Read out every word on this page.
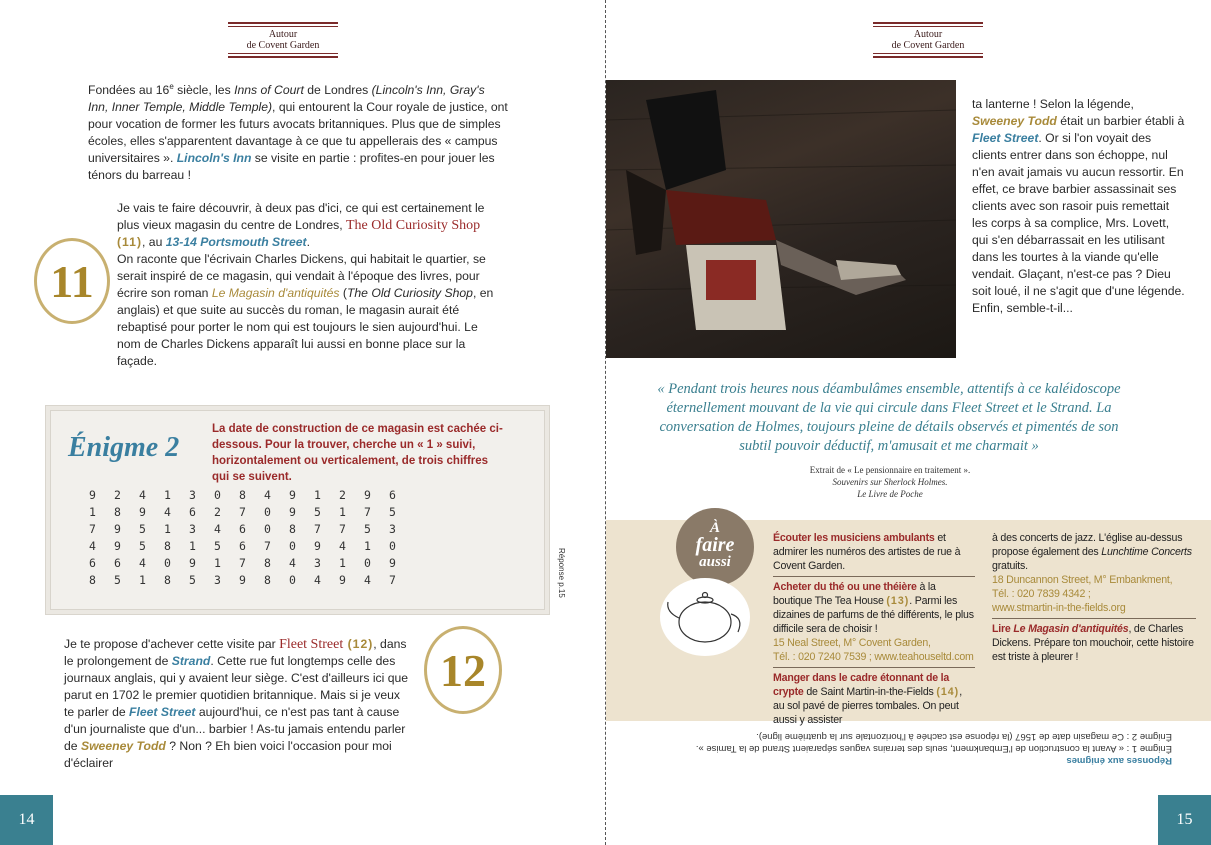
Autour
de Covent Garden
Autour
de Covent Garden

Fondées au 16e siècle, les Inns of Court de Londres (Lincoln's Inn, Gray's Inn, Inner Temple, Middle Temple), qui entourent la Cour royale de justice, ont pour vocation de former les futurs avocats britanniques. Plus que de simples écoles, elles s'apparentent davantage à ce que tu appellerais des « campus universitaires ». Lincoln's Inn se visite en partie : profites-en pour jouer les ténors du barreau !

11

Je vais te faire découvrir, à deux pas d'ici, ce qui est certainement le plus vieux magasin du centre de Londres, The Old Curiosity Shop (11), au 13-14 Portsmouth Street.

On raconte que l'écrivain Charles Dickens, qui habitait le quartier, se serait inspiré de ce magasin, qui vendait à l'époque des livres, pour écrire son roman Le Magasin d'antiquités (The Old Curiosity Shop, en anglais) et que suite au succès du roman, le magasin aurait été rebaptisé pour porter le nom qui est toujours le sien aujourd'hui. Le nom de Charles Dickens apparaît lui aussi en bonne place sur la façade.

Énigme 2
La date de construction de ce magasin est cachée ci-dessous. Pour la trouver, cherche un « 1 » suivi, horizontalement ou verticalement, de trois chiffres qui se suivent.
9	2	4	1	3	0	8	4	9	1	2	9	6
1	8	9	4	6	2	7	0	9	5	1	7	5
7	9	5	1	3	4	6	0	8	7	7	5	3
4	9	5	8	1	5	6	7	0	9	4	1	0
6	6	4	0	9	1	7	8	4	3	1	0	9
8	5	1	8	5	3	9	8	0	4	9	4	7	Réponse p.15

Je te propose d'achever cette visite par Fleet Street (12), dans le prolongement de Strand. Cette rue fut longtemps celle des journaux anglais, qui y avaient leur siège. C'est d'ailleurs ici que parut en 1702 le premier quotidien britannique. Mais si je veux te parler de Fleet Street aujourd'hui, ce n'est pas tant à cause d'un journaliste que d'un... barbier ! As-tu jamais entendu parler de Sweeney Todd ? Non ? Eh bien voici l'occasion pour moi d'éclairer

12
14

ta lanterne ! Selon la légende, Sweeney Todd était un barbier établi à Fleet Street. Or si l'on voyait des clients entrer dans son échoppe, nul n'en avait jamais vu aucun ressortir. En effet, ce brave barbier assassinait ses clients avec son rasoir puis remettait les corps à sa complice, Mrs. Lovett, qui s'en débarrassait en les utilisant dans les tourtes à la viande qu'elle vendait. Glaçant, n'est-ce pas ? Dieu soit loué, il ne s'agit que d'une légende. Enfin, semble-t-il...

« Pendant trois heures nous déambulâmes ensemble, attentifs à ce kaléidoscope éternellement mouvant de la vie qui circule dans Fleet Street et le Strand. La conversation de Holmes, toujours pleine de détails observés et pimentés de son subtil pouvoir déductif, m'amusait et me charmait »
Extrait de « Le pensionnaire en traitement ».
Souvenirs sur Sherlock Holmes.
Le Livre de Poche
À
faire
aussi
Écouter les musiciens ambulants et admirer les numéros des artistes de rue à Covent Garden.
Acheter du thé ou une théière à la boutique The Tea House (13). Parmi les dizaines de parfums de thé différents, le plus difficile sera de choisir !
15 Neal Street, M° Covent Garden,
Tél. : 020 7240 7539 ; www.teahouseltd.com
Manger dans le cadre étonnant de la crypte de Saint Martin-in-the-Fields (14), au sol pavé de pierres tombales. On peut aussi y assister
à des concerts de jazz. L'église au-dessus propose également des Lunchtime Concerts gratuits.
18 Duncannon Street, M° Embankment,
Tél. : 020 7839 4342 ;
www.stmartin-in-the-fields.org
Lire Le Magasin d'antiquités, de Charles Dickens. Prépare ton mouchoir, cette histoire est triste à pleurer !
Réponses aux énigmes
Énigme 1 : « Avant la construction de l'Embankment, seuls des terrains vagues séparaient Strand de la Tamise ».
Énigme 2 : Ce magasin date de 1567 (la réponse est cachée à l'horizontale sur la quatrième ligne).
15
